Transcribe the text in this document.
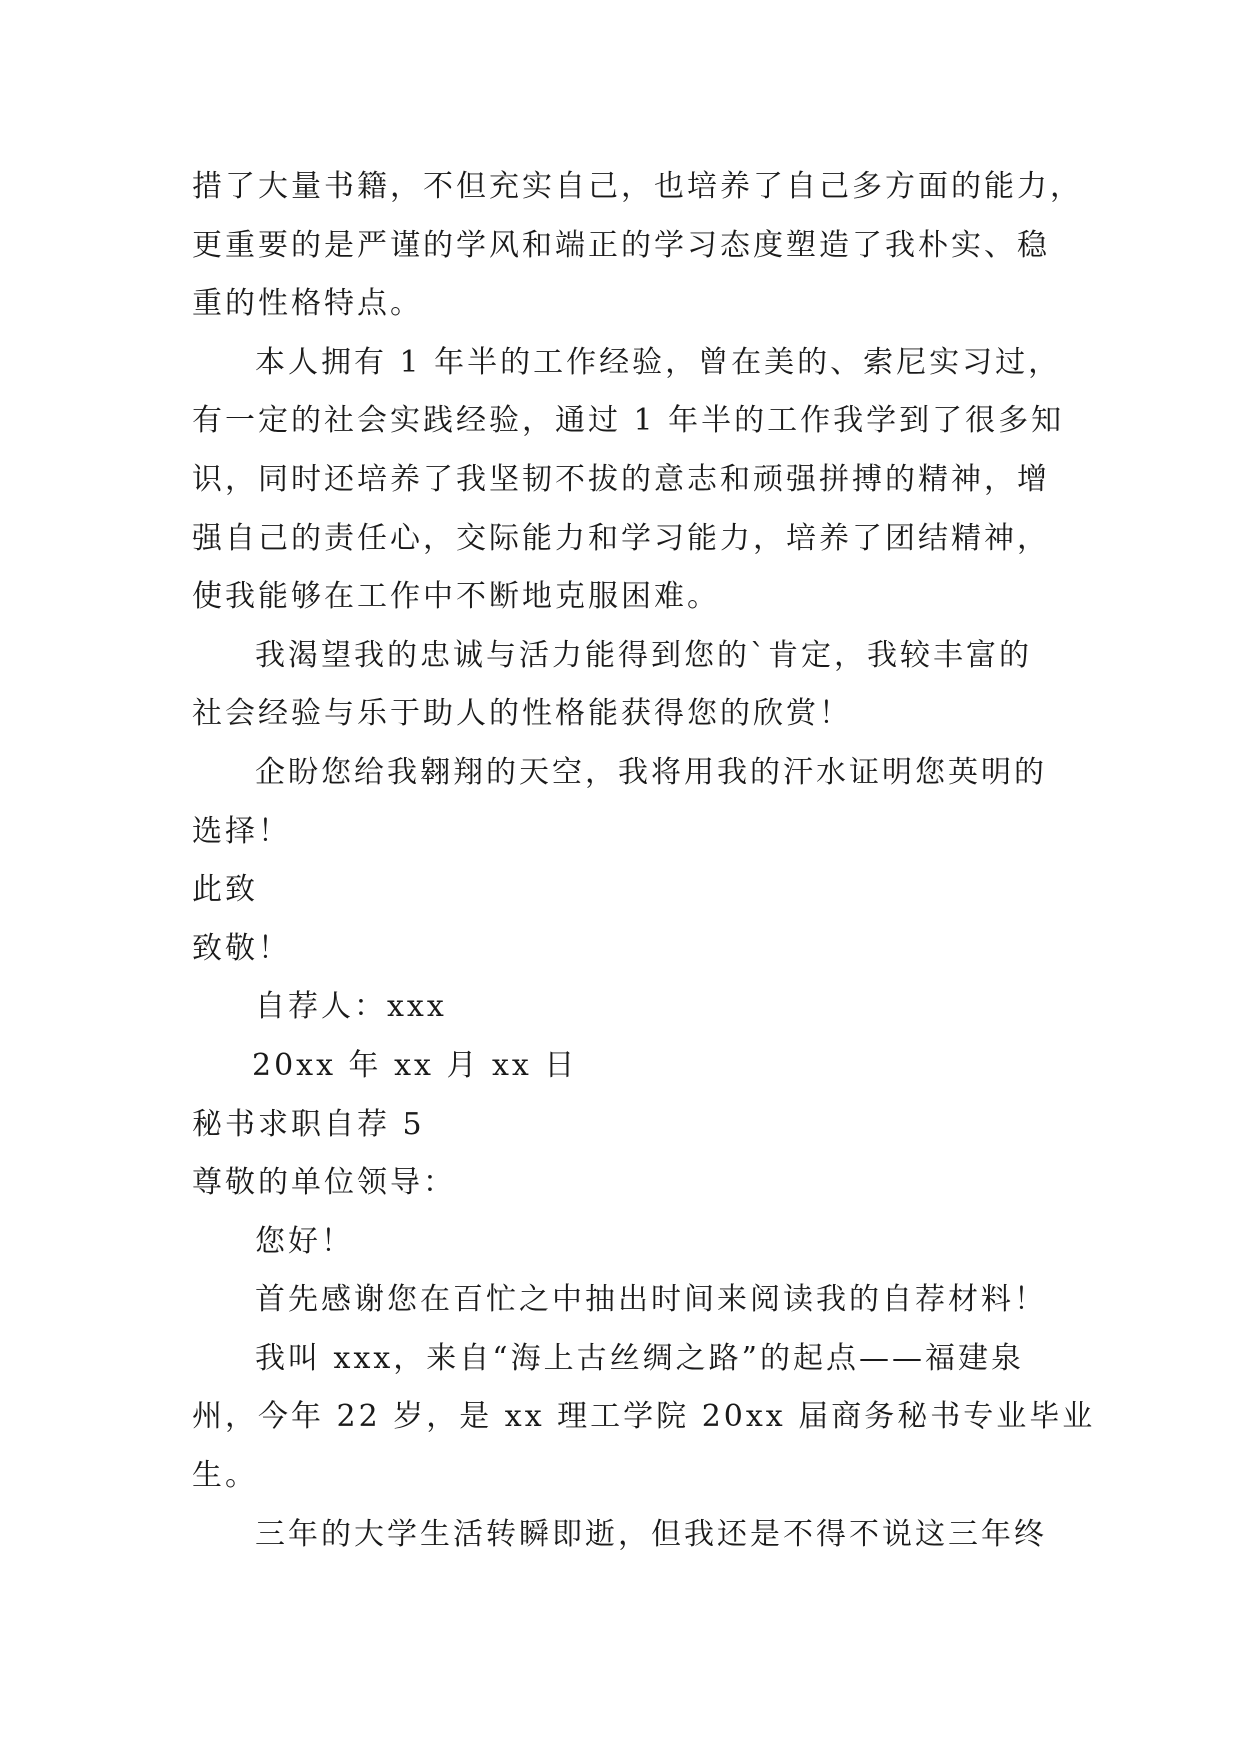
措了大量书籍，不但充实自己，也培养了自己多方面的能力，
更重要的是严谨的学风和端正的学习态度塑造了我朴实、稳
重的性格特点。
本人拥有 1 年半的工作经验，曾在美的、索尼实习过，
有一定的社会实践经验，通过 1 年半的工作我学到了很多知
识，同时还培养了我坚韧不拔的意志和顽强拼搏的精神，增
强自己的责任心，交际能力和学习能力，培养了团结精神，
使我能够在工作中不断地克服困难。
我渴望我的忠诚与活力能得到您的`肯定，我较丰富的
社会经验与乐于助人的性格能获得您的欣赏！
企盼您给我翱翔的天空，我将用我的汗水证明您英明的
选择！
此致
致敬！
自荐人：xxx
20xx 年 xx 月 xx 日
秘书求职自荐 5
尊敬的单位领导：
您好！
首先感谢您在百忙之中抽出时间来阅读我的自荐材料！
我叫 xxx，来自“海上古丝绸之路”的起点——福建泉
州，今年 22 岁，是 xx 理工学院 20xx 届商务秘书专业毕业
生。
三年的大学生活转瞬即逝，但我还是不得不说这三年终
